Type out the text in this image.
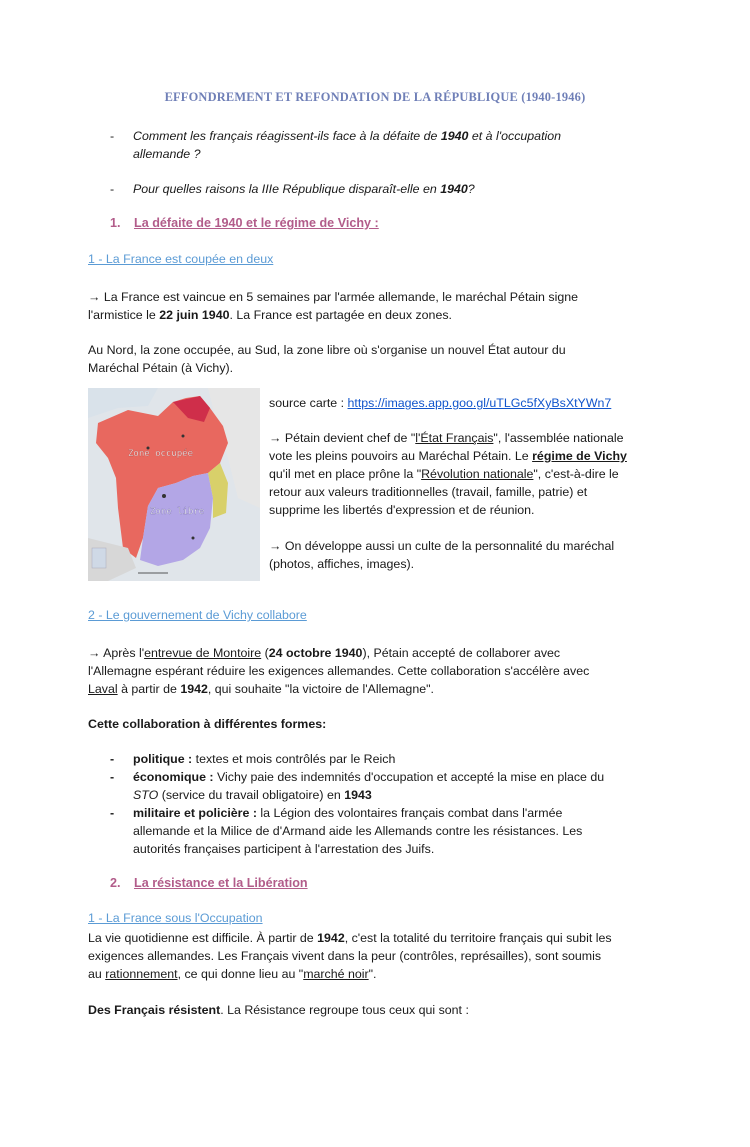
EFFONDREMENT ET REFONDATION DE LA RÉPUBLIQUE (1940-1946)
- Comment les français réagissent-ils face à la défaite de 1940 et à l'occupation
allemande ?
- Pour quelles raisons la IIIe République disparaît-elle en 1940?
1. La défaite de 1940 et le régime de Vichy :
1 - La France est coupée en deux
→ La France est vaincue en 5 semaines par l'armée allemande, le maréchal Pétain signe
l'armistice le 22 juin 1940. La France est partagée en deux zones.
Au Nord, la zone occupée, au Sud, la zone libre où s'organise un nouvel État autour du
Maréchal Pétain (à Vichy).
Zone occupée
Zone libre
source carte : https://images.app.goo.gl/uTLGc5fXyBsXtYWn7
→ Pétain devient chef de "l'État Français", l'assemblée nationale
vote les pleins pouvoirs au Maréchal Pétain. Le régime de Vichy
qu'il met en place prône la "Révolution nationale", c'est-à-dire le
retour aux valeurs traditionnelles (travail, famille, patrie) et
supprime les libertés d'expression et de réunion.
→ On développe aussi un culte de la personnalité du maréchal
(photos, affiches, images).
2 - Le gouvernement de Vichy collabore
→ Après l'entrevue de Montoire (24 octobre 1940), Pétain accepté de collaborer avec
l'Allemagne espérant réduire les exigences allemandes. Cette collaboration s'accélère avec
Laval à partir de 1942, qui souhaite "la victoire de l'Allemagne".
Cette collaboration à différentes formes:
- politique : textes et mois contrôlés par le Reich
- économique : Vichy paie des indemnités d'occupation et accepté la mise en place du
STO (service du travail obligatoire) en 1943
- militaire et policière : la Légion des volontaires français combat dans l'armée
allemande et la Milice de d'Armand aide les Allemands contre les résistances. Les
autorités françaises participent à l'arrestation des Juifs.
2. La résistance et la Libération
1 - La France sous l'Occupation
La vie quotidienne est difficile. À partir de 1942, c'est la totalité du territoire français qui subit les
exigences allemandes. Les Français vivent dans la peur (contrôles, représailles), sont soumis
au rationnement, ce qui donne lieu au "marché noir".
Des Français résistent. La Résistance regroupe tous ceux qui sont :
